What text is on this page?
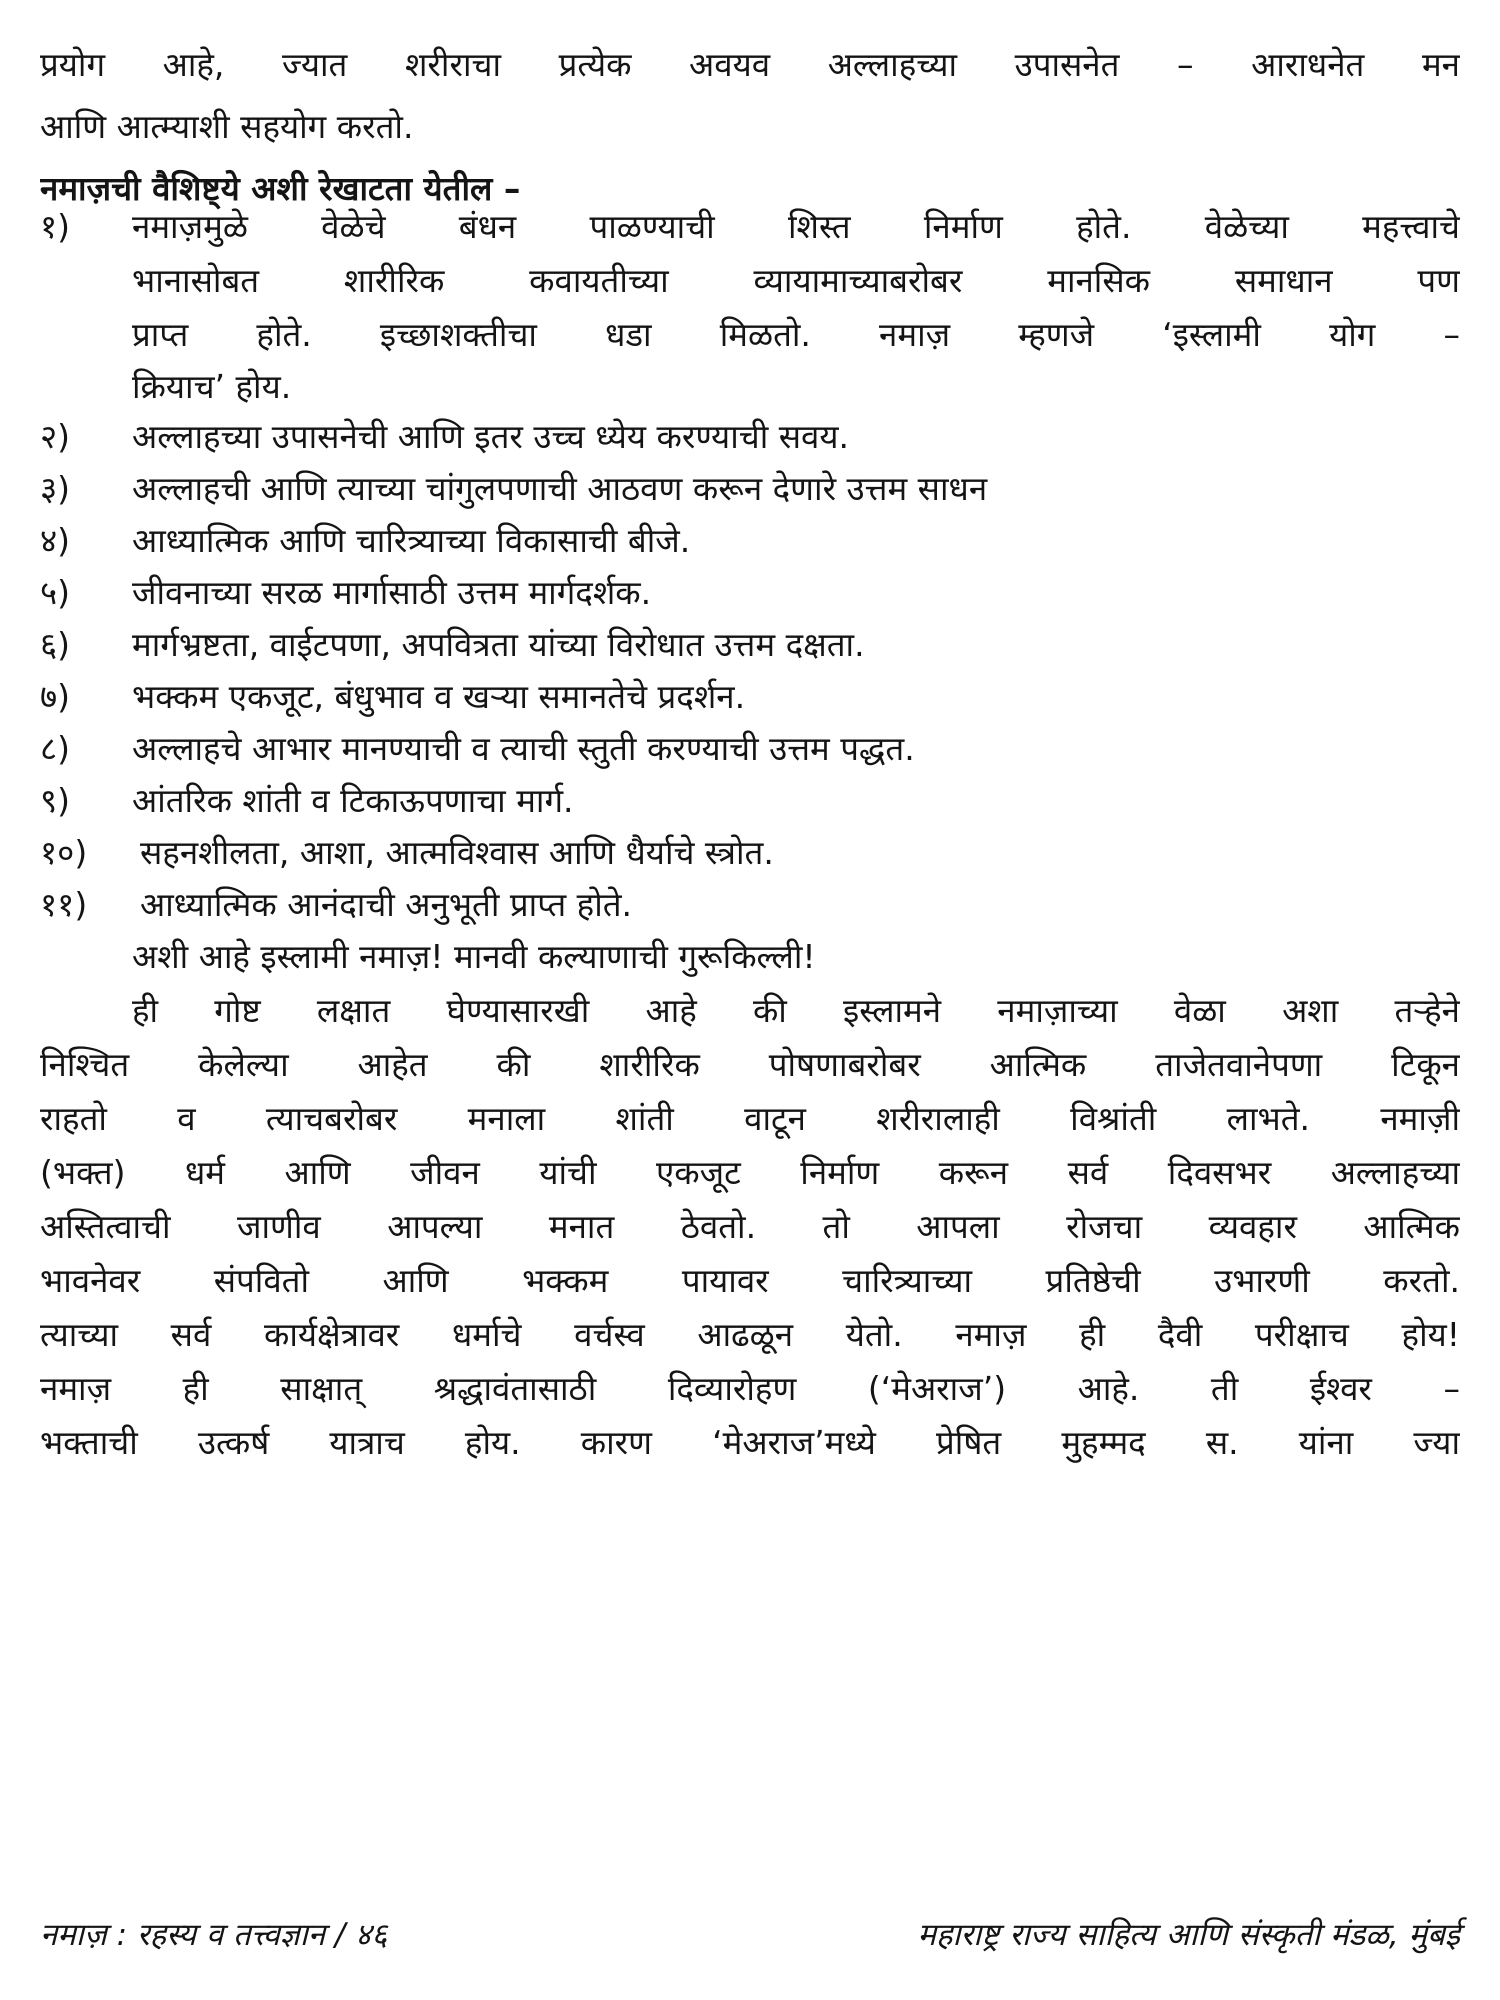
प्रयोग आहे, ज्यात शरीराचा प्रत्येक अवयव अल्लाहच्या उपासनेत – आराधनेत मन
आणि आत्म्याशी सहयोग करतो.
नमाज़ची वैशिष्ट्ये अशी रेखाटता येतील –
१)	नमाज़मुळे वेळेचे बंधन पाळण्याची शिस्त निर्माण होते. वेळेच्या महत्त्वाचे
भानासोबत शारीरिक कवायतीच्या व्यायामाच्याबरोबर मानसिक समाधान पण
प्राप्त होते. इच्छाशक्तीचा धडा मिळतो. नमाज़ म्हणजे ‘इस्लामी योग –
क्रियाच’ होय.
२)	अल्लाहच्या उपासनेची आणि इतर उच्च ध्येय करण्याची सवय.
३)	अल्लाहची आणि त्याच्या चांगुलपणाची आठवण करून देणारे उत्तम साधन
४)	आध्यात्मिक आणि चारित्र्याच्या विकासाची बीजे.
५)	जीवनाच्या सरळ मार्गासाठी उत्तम मार्गदर्शक.
६)	मार्गभ्रष्टता, वाईटपणा, अपवित्रता यांच्या विरोधात उत्तम दक्षता.
७)	भक्कम एकजूट, बंधुभाव व खऱ्या समानतेचे प्रदर्शन.
८)	अल्लाहचे आभार मानण्याची व त्याची स्तुती करण्याची उत्तम पद्धत.
९)	आंतरिक शांती व टिकाऊपणाचा मार्ग.
१०)	सहनशीलता, आशा, आत्मविश्वास आणि धैर्याचे स्त्रोत.
११)	आध्यात्मिक आनंदाची अनुभूती प्राप्त होते.
अशी आहे इस्लामी नमाज़! मानवी कल्याणाची गुरूकिल्ली!
ही गोष्ट लक्षात घेण्यासारखी आहे की इस्लामने नमाज़ाच्या वेळा अशा तऱ्हेने
निश्चित केलेल्या आहेत की शारीरिक पोषणाबरोबर आत्मिक ताजेतवानेपणा टिकून
राहतो व त्याचबरोबर मनाला शांती वाटून शरीरालाही विश्रांती लाभते. नमाज़ी
(भक्त) धर्म आणि जीवन यांची एकजूट निर्माण करून सर्व दिवसभर अल्लाहच्या
अस्तित्वाची जाणीव आपल्या मनात ठेवतो. तो आपला रोजचा व्यवहार आत्मिक
भावनेवर संपवितो आणि भक्कम पायावर चारित्र्याच्या प्रतिष्ठेची उभारणी करतो.
त्याच्या सर्व कार्यक्षेत्रावर धर्माचे वर्चस्व आढळून येतो. नमाज़ ही दैवी परीक्षाच होय!
नमाज़ ही साक्षात् श्रद्धावंतासाठी दिव्यारोहण (‘मेअराज’) आहे. ती ईश्वर –
भक्ताची उत्कर्ष यात्राच होय. कारण ‘मेअराज’मध्ये प्रेषित मुहम्मद स. यांना ज्या
नमाज़ : रहस्य व तत्त्वज्ञान / ४६	महाराष्ट्र राज्य साहित्य आणि संस्कृती मंडळ, मुंबई
